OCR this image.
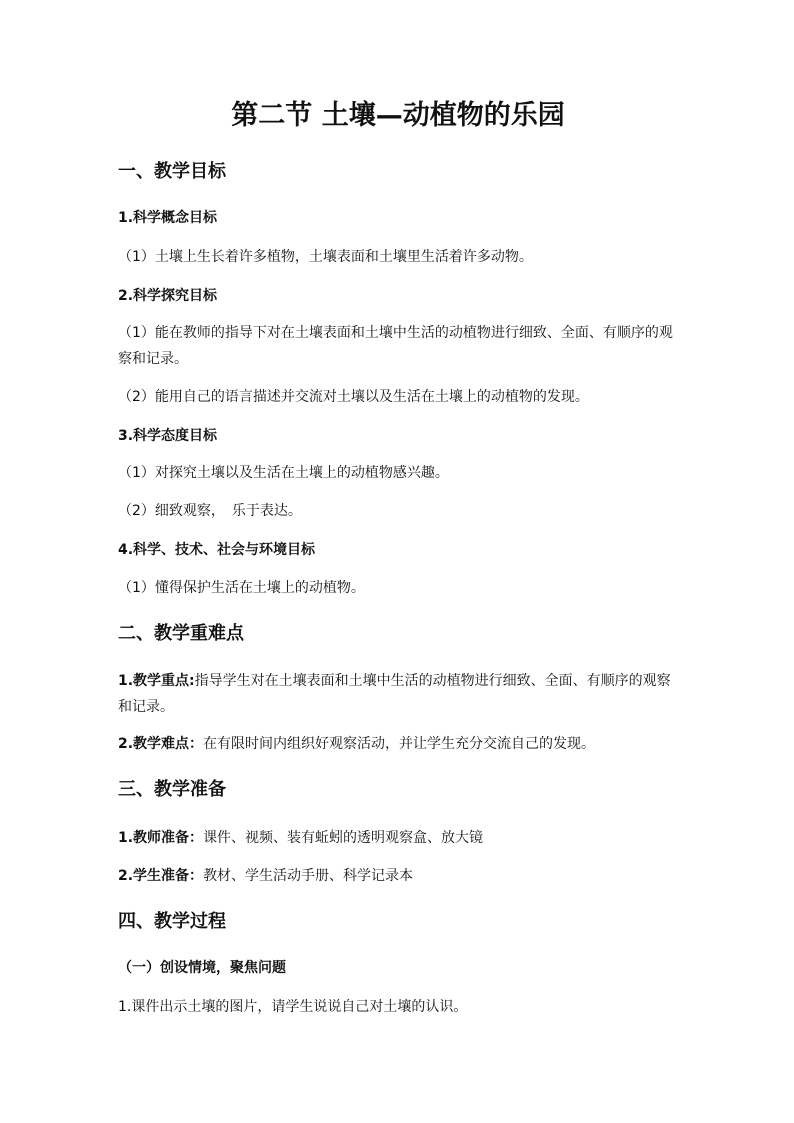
第二节 土壤—动植物的乐园
一、教学目标
1.科学概念目标
（1）土壤上生长着许多植物，土壤表面和土壤里生活着许多动物。
2.科学探究目标
（1）能在教师的指导下对在土壤表面和土壤中生活的动植物进行细致、全面、有顺序的观察和记录。
（2）能用自己的语言描述并交流对土壤以及生活在土壤上的动植物的发现。
3.科学态度目标
（1）对探究土壤以及生活在土壤上的动植物感兴趣。
（2）细致观察，　乐于表达。
4.科学、技术、社会与环境目标
（1）懂得保护生活在土壤上的动植物。
二、教学重难点
1.教学重点:指导学生对在土壤表面和土壤中生活的动植物进行细致、全面、有顺序的观察和记录。
2.教学难点：在有限时间内组织好观察活动，并让学生充分交流自己的发现。
三、教学准备
1.教师准备：课件、视频、装有蚯蚓的透明观察盒、放大镜
2.学生准备：教材、学生活动手册、科学记录本
四、教学过程
（一）创设情境，聚焦问题
1.课件出示土壤的图片，请学生说说自己对土壤的认识。
